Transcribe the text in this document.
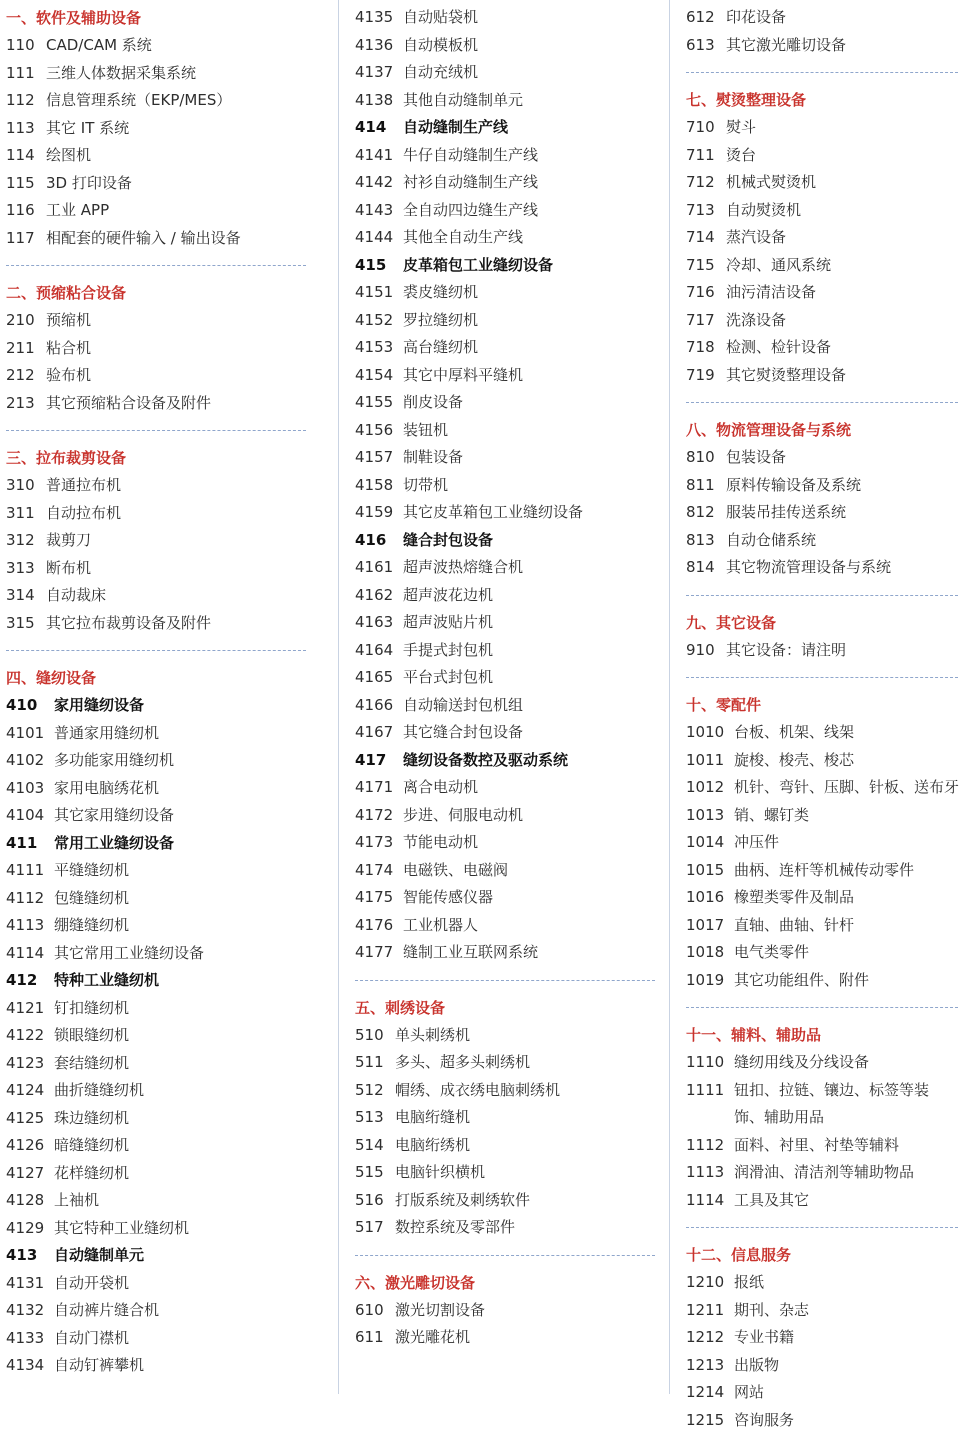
一、软件及辅助设备
110 CAD/CAM 系统
111 三维人体数据采集系统
112 信息管理系统（EKP/MES）
113 其它 IT 系统
114 绘图机
115 3D 打印设备
116 工业 APP
117 相配套的硬件输入 / 输出设备
二、预缩粘合设备
210 预缩机
211 粘合机
212 验布机
213 其它预缩粘合设备及附件
三、拉布裁剪设备
310 普通拉布机
311 自动拉布机
312 裁剪刀
313 断布机
314 自动裁床
315 其它拉布裁剪设备及附件
四、缝纫设备
410	家用缝纫设备
4101 普通家用缝纫机
4102 多功能家用缝纫机
4103 家用电脑绣花机
4104 其它家用缝纫设备
411	常用工业缝纫设备
4111 平缝缝纫机
4112 包缝缝纫机
4113 绷缝缝纫机
4114 其它常用工业缝纫设备
412	特种工业缝纫机
4121 钉扣缝纫机
4122 锁眼缝纫机
4123 套结缝纫机
4124 曲折缝缝纫机
4125 珠边缝纫机
4126 暗缝缝纫机
4127 花样缝纫机
4128 上袖机
4129 其它特种工业缝纫机
413	自动缝制单元
4131 自动开袋机
4132 自动裤片缝合机
4133 自动门襟机
4134 自动钉裤攀机
4135 自动贴袋机
4136 自动模板机
4137 自动充绒机
4138 其他自动缝制单元
414	自动缝制生产线
4141 牛仔自动缝制生产线
4142 衬衫自动缝制生产线
4143 全自动四边缝生产线
4144 其他全自动生产线
415	皮革箱包工业缝纫设备
4151 裘皮缝纫机
4152 罗拉缝纫机
4153 高台缝纫机
4154 其它中厚料平缝机
4155 削皮设备
4156 装钮机
4157 制鞋设备
4158 切带机
4159 其它皮革箱包工业缝纫设备
416	缝合封包设备
4161 超声波热熔缝合机
4162 超声波花边机
4163 超声波贴片机
4164 手提式封包机
4165 平台式封包机
4166 自动输送封包机组
4167 其它缝合封包设备
417	缝纫设备数控及驱动系统
4171 离合电动机
4172 步进、伺服电动机
4173 节能电动机
4174 电磁铁、电磁阀
4175 智能传感仪器
4176 工业机器人
4177 缝制工业互联网系统
五、刺绣设备
510 单头刺绣机
511 多头、超多头刺绣机
512 帽绣、成衣绣电脑刺绣机
513 电脑绗缝机
514 电脑绗绣机
515 电脑针织横机
516 打版系统及刺绣软件
517 数控系统及零部件
六、激光雕切设备
610 激光切割设备
611 激光雕花机
612 印花设备
613 其它激光雕切设备
七、熨烫整理设备
710 熨斗
711 烫台
712 机械式熨烫机
713 自动熨烫机
714 蒸汽设备
715 冷却、通风系统
716 油污清洁设备
717 洗涤设备
718 检测、检针设备
719 其它熨烫整理设备
八、物流管理设备与系统
810 包装设备
811 原料传输设备及系统
812 服装吊挂传送系统
813 自动仓储系统
814 其它物流管理设备与系统
九、其它设备
910 其它设备：请注明
十、零配件
1010 台板、机架、线架
1011 旋梭、梭壳、梭芯
1012 机针、弯针、压脚、针板、送布牙
1013 销、螺钉类
1014 冲压件
1015 曲柄、连杆等机械传动零件
1016 橡塑类零件及制品
1017 直轴、曲轴、针杆
1018 电气类零件
1019 其它功能组件、附件
十一、辅料、辅助品
1110 缝纫用线及分线设备
1111 钮扣、拉链、镶边、标签等装饰、辅助用品
1112 面料、衬里、衬垫等辅料
1113 润滑油、清洁剂等辅助物品
1114 工具及其它
十二、信息服务
1210 报纸
1211 期刊、杂志
1212 专业书籍
1213 出版物
1214 网站
1215 咨询服务
